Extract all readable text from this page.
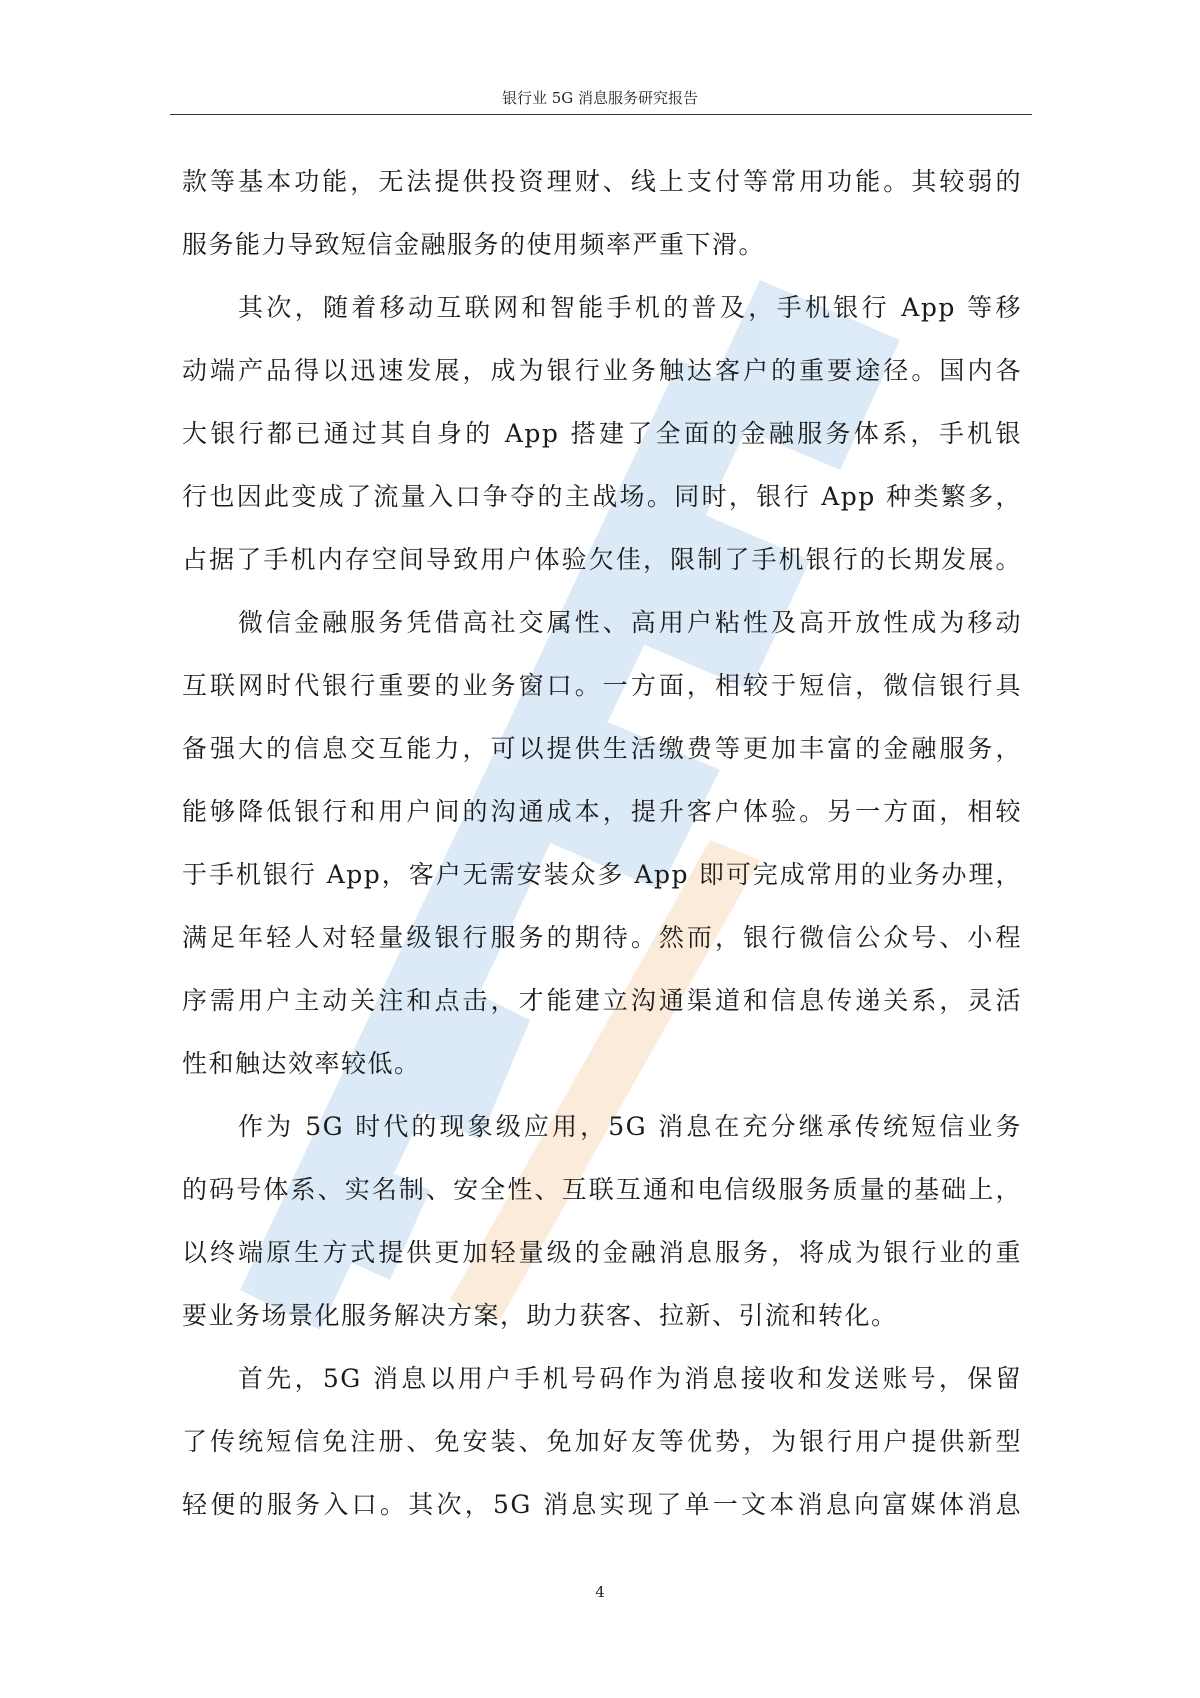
银行业 5G 消息服务研究报告
款等基本功能，无法提供投资理财、线上支付等常用功能。其较弱的
服务能力导致短信金融服务的使用频率严重下滑。
其次，随着移动互联网和智能手机的普及，手机银行 App 等移
动端产品得以迅速发展，成为银行业务触达客户的重要途径。国内各
大银行都已通过其自身的 App 搭建了全面的金融服务体系，手机银
行也因此变成了流量入口争夺的主战场。同时，银行 App 种类繁多，
占据了手机内存空间导致用户体验欠佳，限制了手机银行的长期发展。
微信金融服务凭借高社交属性、高用户粘性及高开放性成为移动
互联网时代银行重要的业务窗口。一方面，相较于短信，微信银行具
备强大的信息交互能力，可以提供生活缴费等更加丰富的金融服务，
能够降低银行和用户间的沟通成本，提升客户体验。另一方面，相较
于手机银行 App，客户无需安装众多 App 即可完成常用的业务办理，
满足年轻人对轻量级银行服务的期待。然而，银行微信公众号、小程
序需用户主动关注和点击，才能建立沟通渠道和信息传递关系，灵活
性和触达效率较低。
作为 5G 时代的现象级应用，5G 消息在充分继承传统短信业务
的码号体系、实名制、安全性、互联互通和电信级服务质量的基础上，
以终端原生方式提供更加轻量级的金融消息服务，将成为银行业的重
要业务场景化服务解决方案，助力获客、拉新、引流和转化。
首先，5G 消息以用户手机号码作为消息接收和发送账号，保留
了传统短信免注册、免安装、免加好友等优势，为银行用户提供新型
轻便的服务入口。其次，5G 消息实现了单一文本消息向富媒体消息
4
